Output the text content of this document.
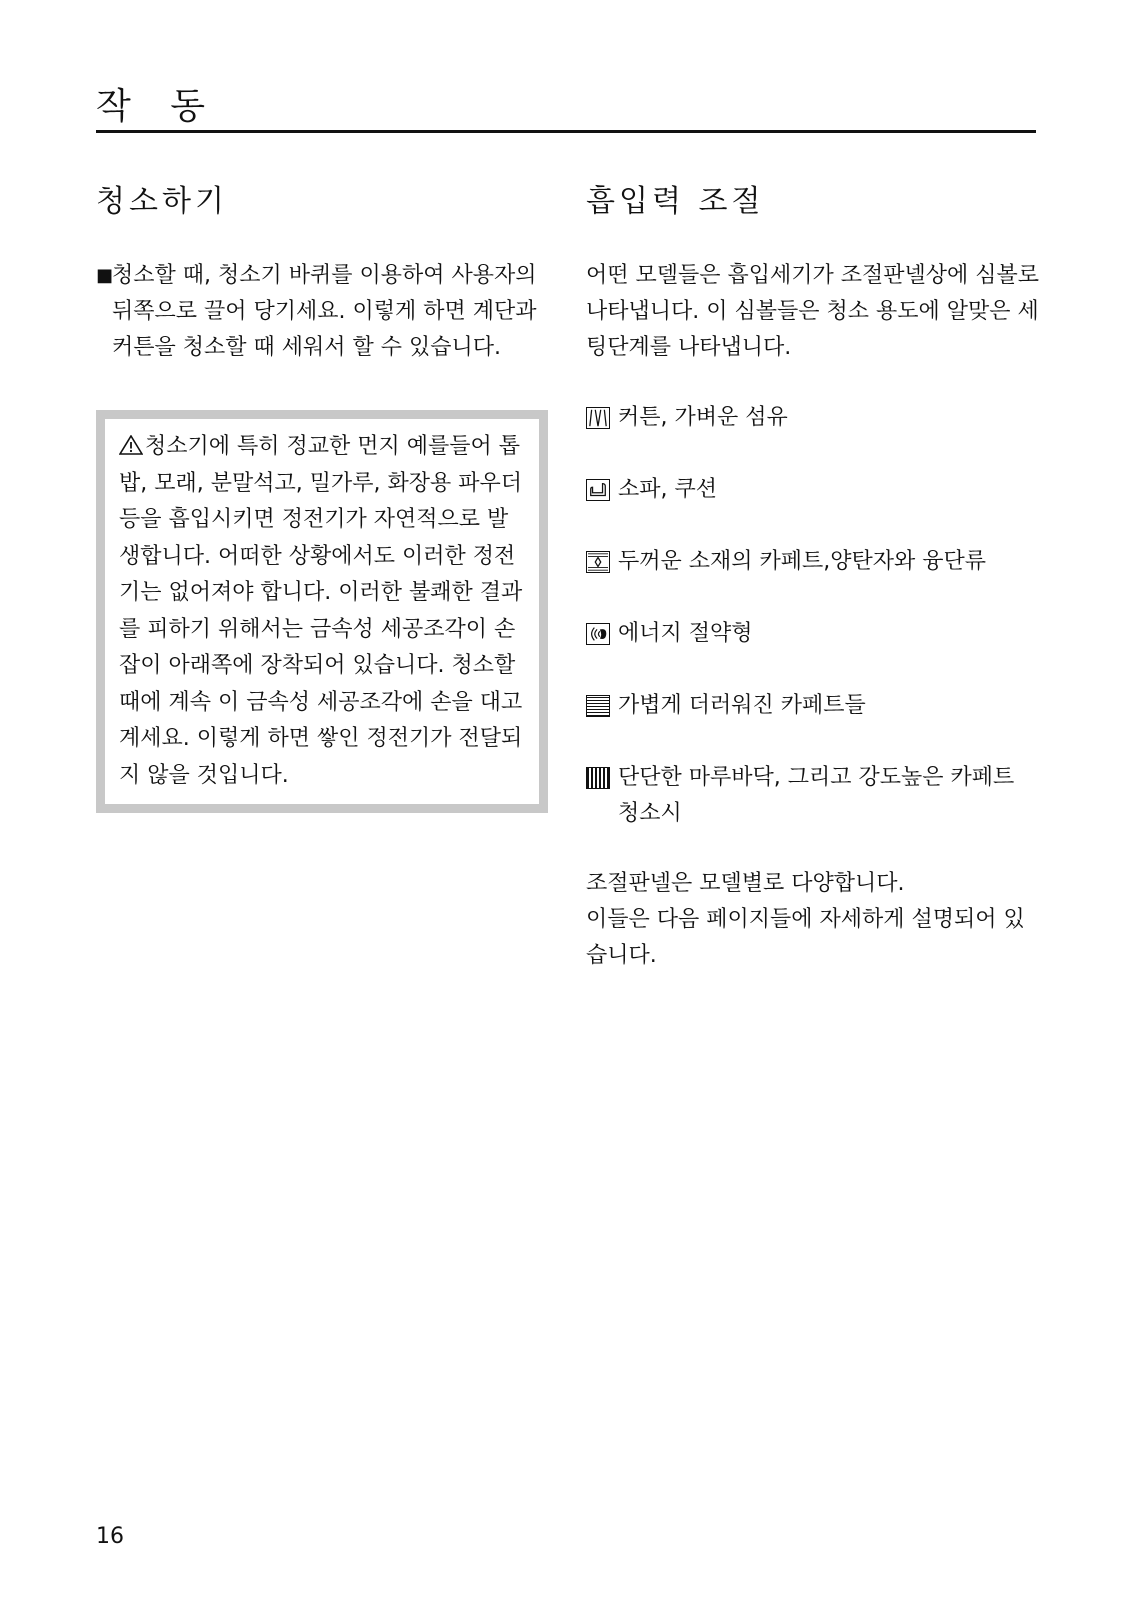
작 동
청소하기
■
청소할 때, 청소기 바퀴를 이용하여 사용자의 뒤쪽으로 끌어 당기세요. 이렇게 하면 계단과 커튼을 청소할 때 세워서 할 수 있습니다.

청소기에 특히 정교한 먼지 예를들어 톱밥, 모래, 분말석고, 밀가루, 화장용 파우더 등을 흡입시키면 정전기가 자연적으로 발생합니다. 어떠한 상황에서도 이러한 정전기는 없어져야 합니다. 이러한 불쾌한 결과를 피하기 위해서는 금속성 세공조각이 손잡이 아래쪽에 장착되어 있습니다. 청소할 때에 계속 이 금속성 세공조각에 손을 대고 계세요. 이렇게 하면 쌓인 정전기가 전달되지 않을 것입니다.

흡입력 조절

어떤 모델들은 흡입세기가 조절판넬상에 심볼로 나타냅니다. 이 심볼들은 청소 용도에 알맞은 세팅단계를 나타냅니다.

커튼, 가벼운 섬유
소파, 쿠션
두꺼운 소재의 카페트,양탄자와 융단류
에너지 절약형
가볍게 더러워진 카페트들
단단한 마루바닥, 그리고 강도높은 카페트 청소시

조절판넬은 모델별로 다양합니다.
이들은 다음 페이지들에 자세하게 설명되어 있습니다.

16
